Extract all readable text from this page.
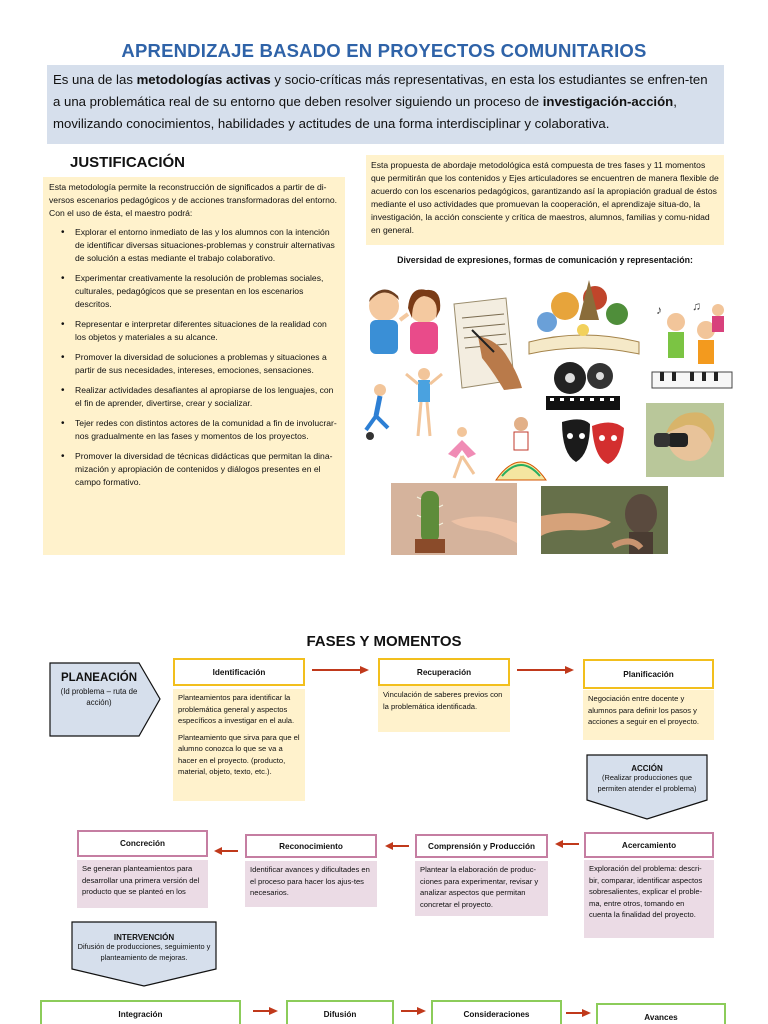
APRENDIZAJE BASADO EN PROYECTOS COMUNITARIOS
Es una de las metodologías activas y socio-críticas más representativas, en esta los estudiantes se enfren-ten a una problemática real de su entorno que deben resolver siguiendo un proceso de investigación-acción, movilizando conocimientos, habilidades y actitudes de una forma interdisciplinar y colaborativa.
JUSTIFICACIÓN

Esta metodología permite la reconstrucción de significados a partir de di-versos escenarios pedagógicos y de acciones transformadoras del entorno. Con el uso de ésta, el maestro podrá:

• Explorar el entorno inmediato de las y los alumnos con la intención de identificar diversas situaciones-problemas y construir alternativas de solución a estas mediante el trabajo colaborativo.
• Experimentar creativamente la resolución de problemas sociales, culturales, pedagógicos que se presentan en los escenarios descritos.
• Representar e interpretar diferentes situaciones de la realidad con los objetos y materiales a su alcance.
• Promover la diversidad de soluciones a problemas y situaciones a partir de sus necesidades, intereses, emociones, sensaciones.
• Realizar actividades desafiantes al apropiarse de los lenguajes, con el fin de aprender, divertirse, crear y socializar.
• Tejer redes con distintos actores de la comunidad a fin de involucrar-nos gradualmente en las fases y momentos de los proyectos.
• Promover la diversidad de técnicas didácticas que permitan la dina-mización y apropiación de contenidos y diálogos presentes en el campo formativo.
Esta propuesta de abordaje metodológica está compuesta de tres fases y 11 momentos que permitirán que los contenidos y Ejes articuladores se encuentren de manera flexible de acuerdo con los escenarios pedagógicos, garantizando así la apropiación gradual de éstos mediante el uso actividades que promuevan la cooperación, el aprendizaje situa-do, la investigación, la acción consciente y crítica de maestros, alumnos, familias y comu-nidad en general.
Diversidad de expresiones, formas de comunicación y representación:
♪	♫
FASES Y MOMENTOS
PLANEACIÓN
(Id problema – ruta de acción)
Identificación

Planteamientos para identificar la problemática general y aspectos específicos a investigar en el aula.

Planteamiento que sirva para que el alumno conozca lo que se va a hacer en el proyecto. (producto, material, objeto, texto, etc.).

Recuperación
Vinculación de saberes previos con la problemática identificada.
Planificación
Negociación entre docente y alumnos para definir los pasos y acciones a seguir en el proyecto.
ACCIÓN
(Realizar producciones que permiten atender el problema)
Acercamiento
Exploración del problema: descri-bir, comparar, identificar aspectos sobresalientes, explicar el proble-ma, entre otros, tomando en cuenta la finalidad del proyecto.
Comprensión y Producción
Plantear la elaboración de produc-ciones para experimentar, revisar y analizar aspectos que permitan concretar el proyecto.
Reconocimiento
Identificar avances y dificultades en el proceso para hacer los ajus-tes necesarios.
Concreción
Se generan planteamientos para desarrollar una primera versión del producto que se planteó en los
INTERVENCIÓN
Difusión de producciones, seguimiento y planteamiento de mejoras.
Integración	Difusión	Consideraciones	Avances
